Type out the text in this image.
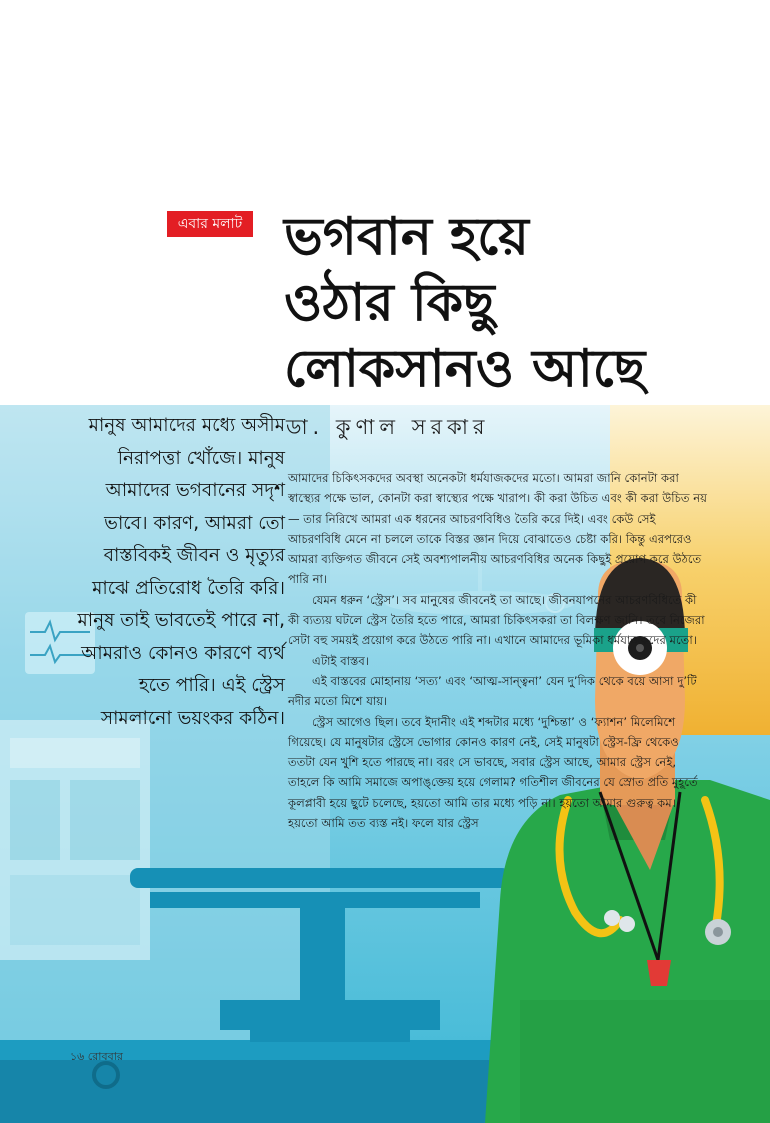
এবার মলাট ভগবান হয়ে
ওঠার কিছু
লোকসানও আছে
ডা. কুণাল সরকার

মানুষ আমাদের মধ্যে অসীম নিরাপত্তা খোঁজে। মানুষ আমাদের ভগবানের সদৃশ ভাবে। কারণ, আমরা তো বাস্তবিকই জীবন ও মৃত্যুর মাঝে প্রতিরোধ তৈরি করি। মানুষ তাই ভাবতেই পারে না, আমরাও কোনও কারণে ব্যর্থ হতে পারি। এই স্ট্রেস সামলানো ভয়ংকর কঠিন।

আমাদের চিকিৎসকদের অবস্থা অনেকটা ধর্মযাজকদের মতো। আমরা জানি কোনটা করা স্বাস্থ্যের পক্ষে ভাল, কোনটা করা স্বাস্থ্যের পক্ষে খারাপ। কী করা উচিত এবং কী করা উচিত নয়— তার নিরিখে আমরা এক ধরনের আচরণবিধিও তৈরি করে দিই। এবং কেউ সেই আচরণবিধি মেনে না চললে তাকে বিস্তর জ্ঞান দিয়ে বোঝাতেও চেষ্টা করি। কিন্তু এরপরেও আমরা ব্যক্তিগত জীবনে সেই অবশ্যপালনীয় আচরণবিধির অনেক কিছুই প্রয়োগ করে উঠতে পারি না।

যেমন ধরুন ‘স্ট্রেস’। সব মানুষের জীবনেই তা আছে। জীবনযাপনের আচরণবিধিতে কী কী ব্যত্যয় ঘটলে স্ট্রেস তৈরি হতে পারে, আমরা চিকিৎসকরা তা বিলক্ষণ জানি। তবে নিজেরা সেটা বহু সময়ই প্রয়োগ করে উঠতে পারি না। এখানে আমাদের ভূমিকা ধর্মযাজকদের মতো।

এটাই বাস্তব।

এই বাস্তবের মোহানায় ‘সত্য’ এবং ‘আত্ম-সান্ত্বনা’ যেন দু’দিক থেকে বয়ে আসা দু’টি নদীর মতো মিশে যায়।

স্ট্রেস আগেও ছিল। তবে ইদানীং এই শব্দটার মধ্যে ‘দুশ্চিন্তা’ ও ‘ফ্যাশন’ মিলেমিশে গিয়েছে। যে মানুষটার স্ট্রেসে ভোগার কোনও কারণ নেই, সেই মানুষটা স্ট্রেস-ফ্রি থেকেও ততটা যেন খুশি হতে পারছে না। বরং সে ভাবছে, সবার স্ট্রেস আছে, আমার স্ট্রেস নেই, তাহলে কি আমি সমাজে অপাঙ্‌ক্তেয় হয়ে গেলাম? গতিশীল জীবনের যে স্রোত প্রতি মুহূর্তে কূলপ্লাবী হয়ে ছুটে চলেছে, হয়তো আমি তার মধ্যে পড়ি না। হয়তো আমার গুরুত্ব কম। হয়তো আমি তত ব্যস্ত নই। ফলে যার স্ট্রেস

১৬ রোববার
